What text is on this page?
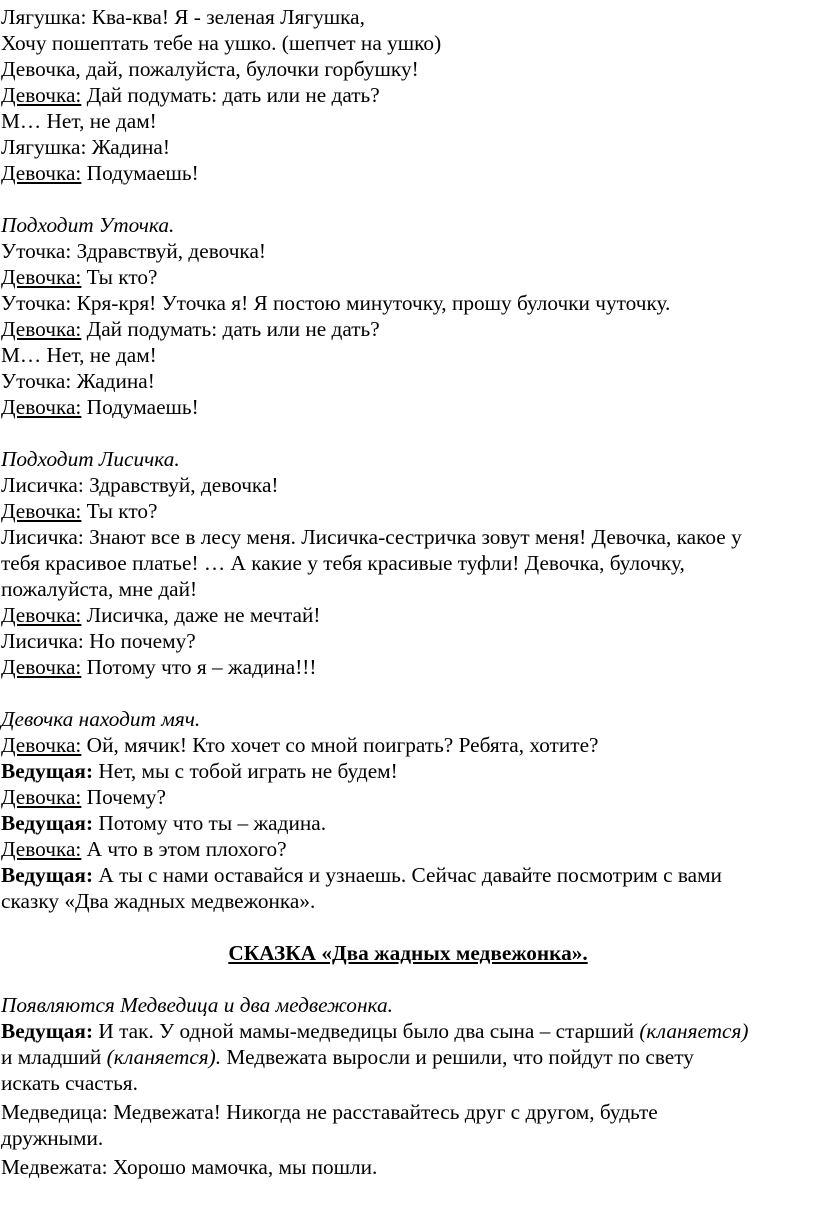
Лягушка: Ква-ква! Я - зеленая Лягушка,
Хочу пошептать тебе на ушко. (шепчет на ушко)
Девочка, дай, пожалуйста, булочки горбушку!
Девочка: Дай подумать: дать или не дать?
М… Нет, не дам!
Лягушка: Жадина!
Девочка: Подумаешь!
Подходит Уточка.
Уточка: Здравствуй, девочка!
Девочка: Ты кто?
Уточка: Кря-кря! Уточка я! Я постою минуточку, прошу булочки чуточку.
Девочка: Дай подумать: дать или не дать?
М… Нет, не дам!
Уточка: Жадина!
Девочка: Подумаешь!
Подходит Лисичка.
Лисичка: Здравствуй, девочка!
Девочка: Ты кто?
Лисичка: Знают все в лесу меня. Лисичка-сестричка зовут меня! Девочка, какое у
тебя красивое платье! … А какие у тебя красивые туфли! Девочка, булочку,
пожалуйста, мне дай!
Девочка: Лисичка, даже не мечтай!
Лисичка: Но почему?
Девочка: Потому что я – жадина!!!
Девочка находит мяч.
Девочка: Ой, мячик! Кто хочет со мной поиграть? Ребята, хотите?
Ведущая: Нет, мы с тобой играть не будем!
Девочка: Почему?
Ведущая: Потому что ты – жадина.
Девочка: А что в этом плохого?
Ведущая: А ты с нами оставайся и узнаешь. Сейчас давайте посмотрим с вами
сказку «Два жадных медвежонка».
СКАЗКА «Два жадных медвежонка».
Появляются Медведица и два медвежонка.
Ведущая: И так. У одной мамы-медведицы было два сына – старший (кланяется)
и младший (кланяется). Медвежата выросли и решили, что пойдут по свету
искать счастья.
Медведица: Медвежата! Никогда не расставайтесь друг с другом, будьте
дружными.
Медвежата: Хорошо мамочка, мы пошли.
